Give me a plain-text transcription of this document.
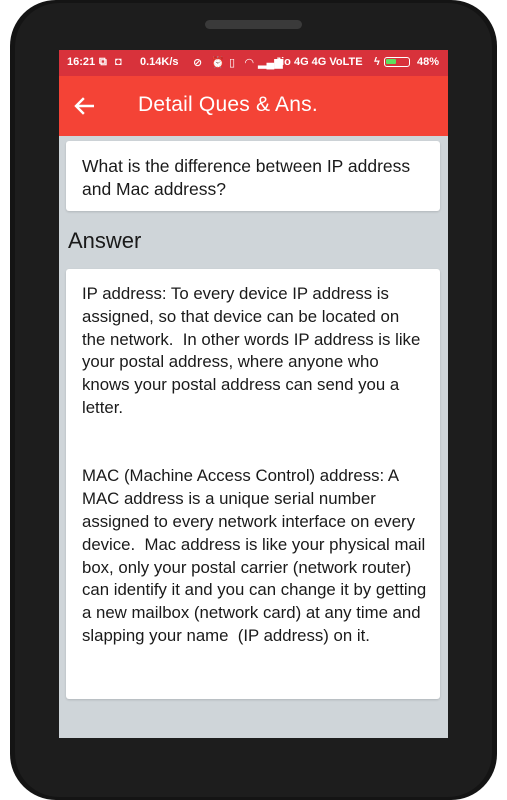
16:21 ⧉ ◘ 0.14K/s ⊘ ⏰ ▯ ◠ ▂▄▆
Jio 4G 4G VoLTE ϟ	48%
Detail Ques & Ans.
What is the difference between IP address and Mac address?
Answer
IP address: To every device IP address is assigned, so that device can be located on the network.  In other words IP address is like your postal address, where anyone who knows your postal address can send you a letter.

MAC (Machine Access Control) address: A MAC address is a unique serial number assigned to every network interface on every device.  Mac address is like your physical mail box, only your postal carrier (network router) can identify it and you can change it by getting a new mailbox (network card) at any time and slapping your name  (IP address) on it.
